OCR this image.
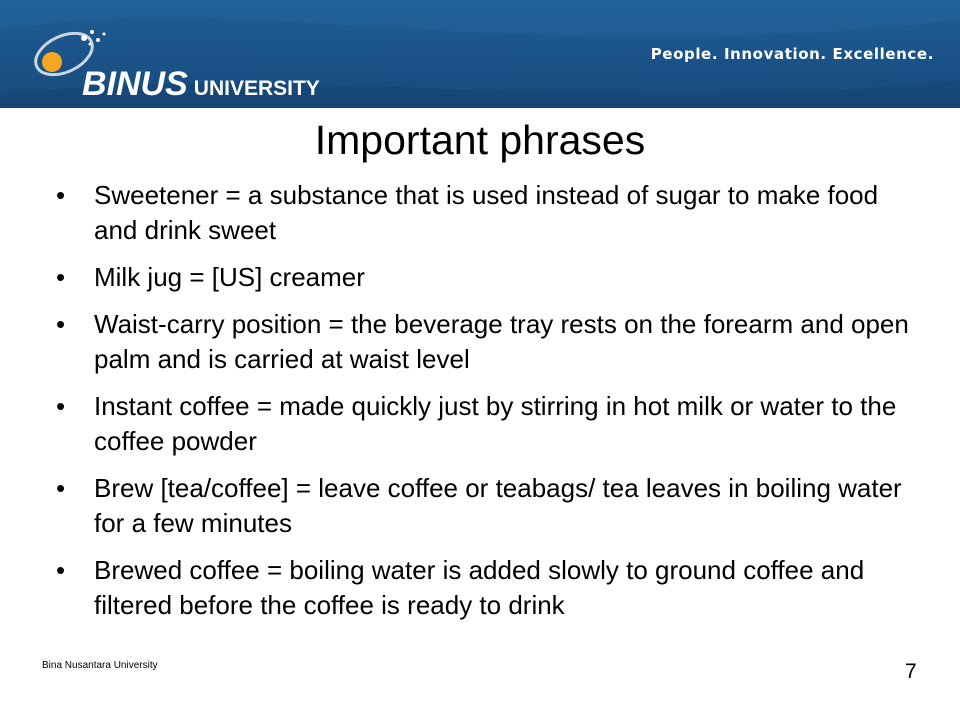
BINUS UNIVERSITY
People. Innovation. Excellence.
Important phrases
• Sweetener = a substance that is used instead of sugar to make food and drink sweet
• Milk jug = [US] creamer
• Waist-carry position = the beverage tray rests on the forearm and open palm and is carried at waist level
• Instant coffee = made quickly just by stirring in hot milk or water to the coffee powder
• Brew [tea/coffee] = leave coffee or teabags/ tea leaves in boiling water for a few minutes
• Brewed coffee = boiling water is added slowly to ground coffee and filtered before the coffee is ready to drink
Bina Nusantara University	7
